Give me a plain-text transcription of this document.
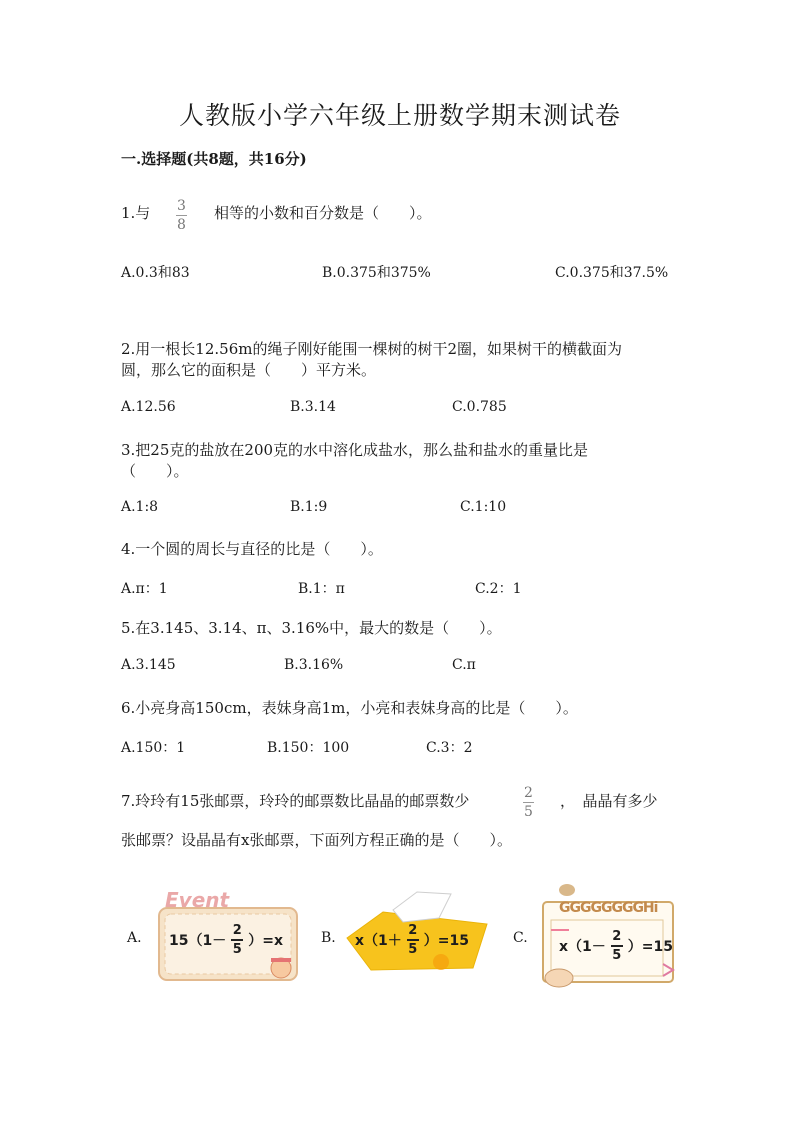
人教版小学六年级上册数学期末测试卷
一.选择题(共8题，共16分)
1.与 $\frac{3}{8}$ 相等的小数和百分数是（　　）。
A.0.3和83	B.0.375和375%	C.0.375和37.5%
2.用一根长12.56m的绳子刚好能围一棵树的树干2圈，如果树干的横截面为
圆，那么它的面积是（　　）平方米。
A.12.56	B.3.14	C.0.785
3.把25克的盐放在200克的水中溶化成盐水，那么盐和盐水的重量比是
（　　）。
A.1:8	B.1:9	C.1:10
4.一个圆的周长与直径的比是（　　）。
A.π：1	B.1：π	C.2：1
5.在3.145、3.14、π、3.16%中，最大的数是（　　）。
A.3.145	B.3.16%	C.π
6.小亮身高150cm，表妹身高1m，小亮和表妹身高的比是（　　）。
A.150：1	B.150：100	C.3：2
7.玲玲有15张邮票，玲玲的邮票数比晶晶的邮票数少	$\frac{2}{5}$ ，　晶晶有多少
张邮票？设晶晶有x张邮票，下面列方程正确的是（　　）。
A.
Event
15（1－
2
5
）=x	B. x（1＋
2
5
）=15	C.
GGGGGGGGHi
x（1－
2
5
）=15
